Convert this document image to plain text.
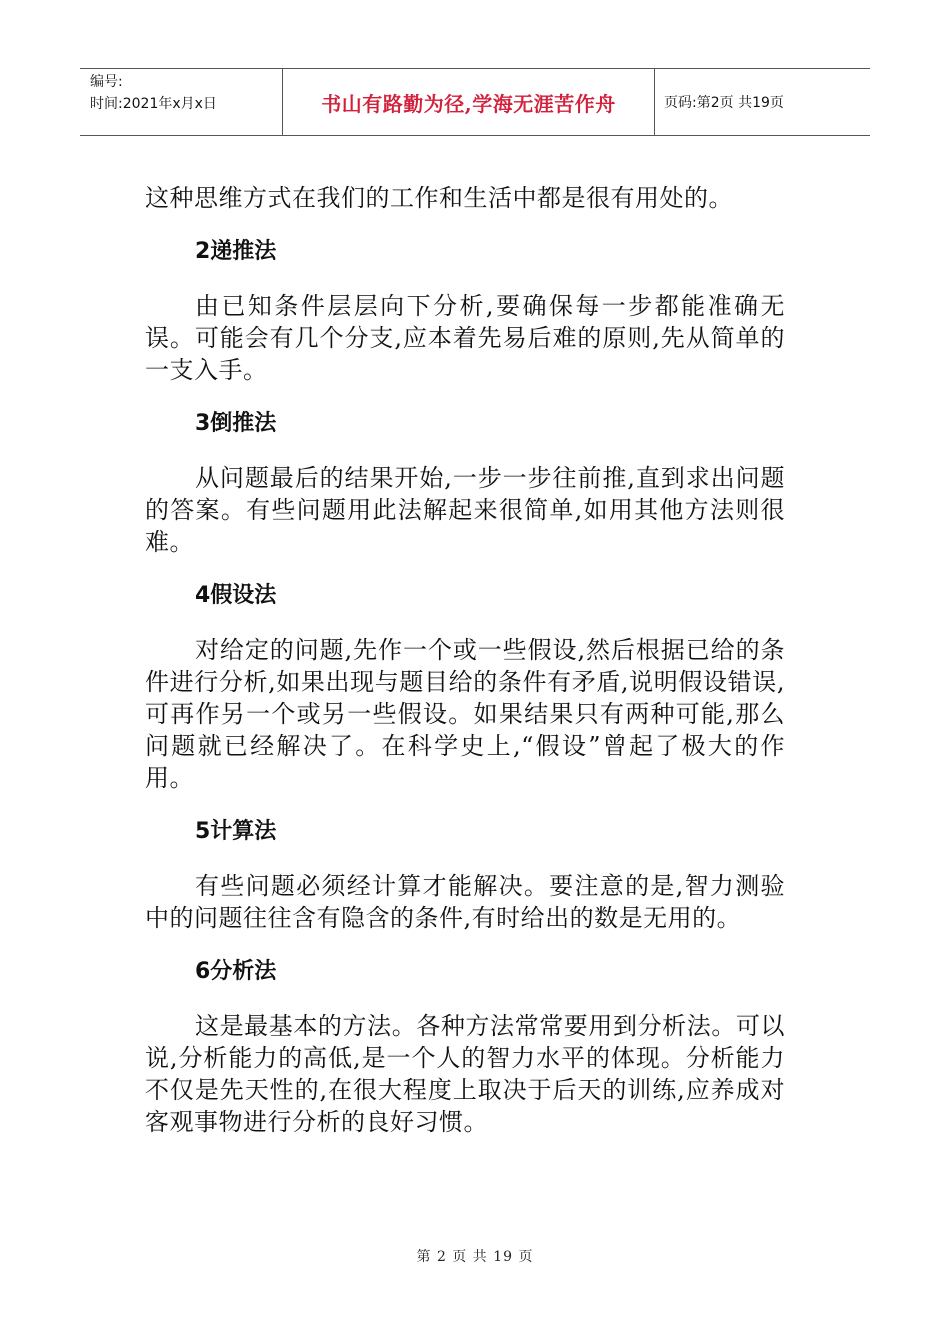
编号:
时间:2021年x月x日	书山有路勤为径,学海无涯苦作舟	页码:第2页 共19页

这种思维方式在我们的工作和生活中都是很有用处的。

2递推法

由已知条件层层向下分析,要确保每一步都能准确无误。可能会有几个分支,应本着先易后难的原则,先从简单的一支入手。

3倒推法

从问题最后的结果开始,一步一步往前推,直到求出问题的答案。有些问题用此法解起来很简单,如用其他方法则很难。

4假设法

对给定的问题,先作一个或一些假设,然后根据已给的条件进行分析,如果出现与题目给的条件有矛盾,说明假设错误,可再作另一个或另一些假设。如果结果只有两种可能,那么问题就已经解决了。在科学史上,“假设”曾起了极大的作用。

5计算法

有些问题必须经计算才能解决。要注意的是,智力测验中的问题往往含有隐含的条件,有时给出的数是无用的。

6分析法

这是最基本的方法。各种方法常常要用到分析法。可以说,分析能力的高低,是一个人的智力水平的体现。分析能力不仅是先天性的,在很大程度上取决于后天的训练,应养成对客观事物进行分析的良好习惯。

第 2 页 共 19 页
